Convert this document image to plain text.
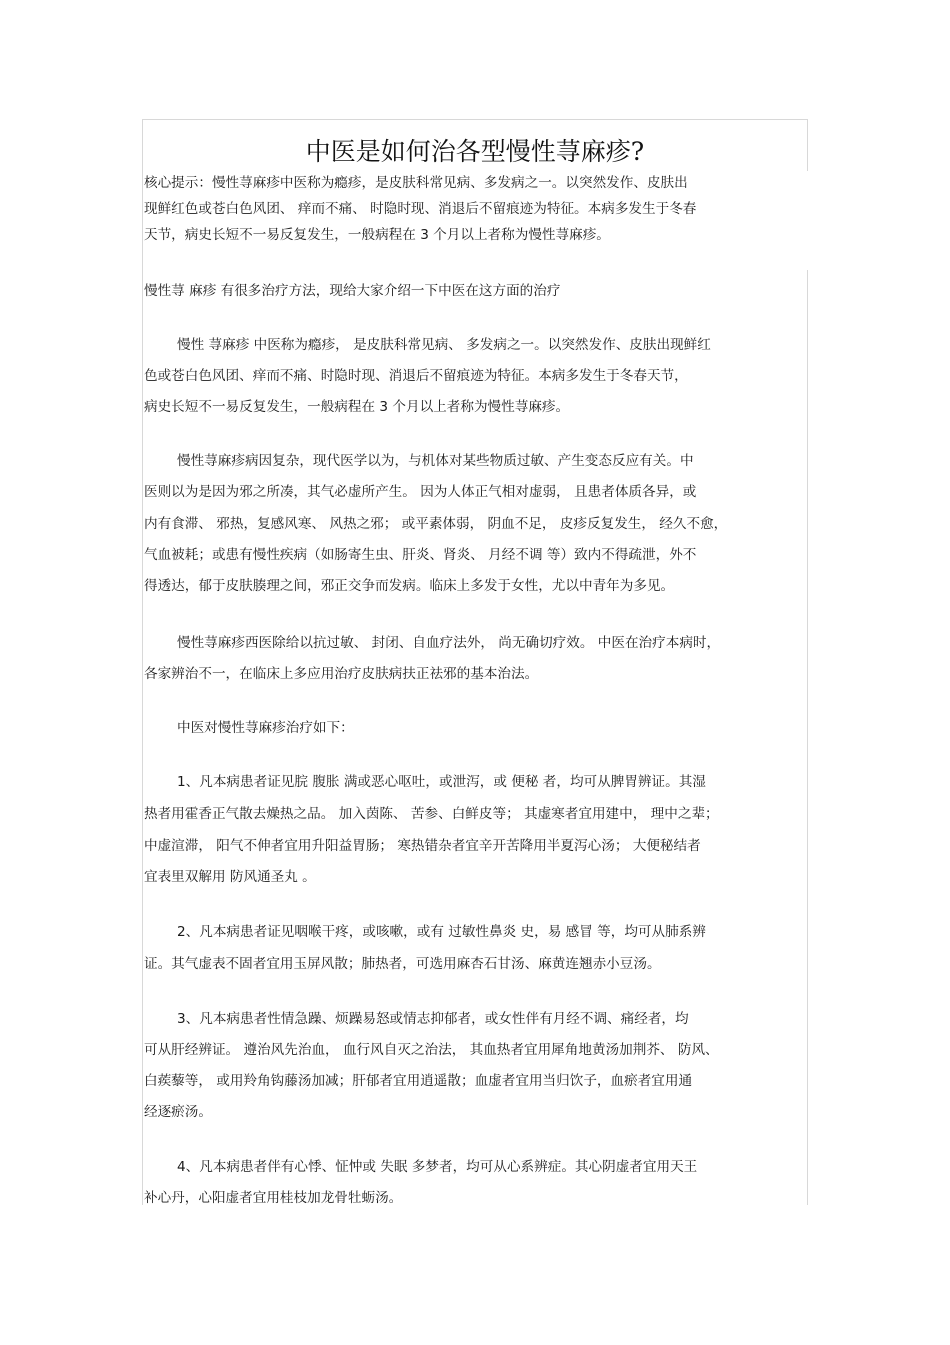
中医是如何治各型慢性荨麻疹?
核心提示：慢性荨麻疹中医称为瘾疹，是皮肤科常见病、多发病之一。以突然发作、皮肤出
现鲜红色或苍白色风团、 痒而不痛、 时隐时现、消退后不留痕迹为特征。本病多发生于冬春
天节，病史长短不一易反复发生，一般病程在 3 个月以上者称为慢性荨麻疹。
慢性荨 麻疹 有很多治疗方法，现给大家介绍一下中医在这方面的治疗
慢性 荨麻疹 中医称为瘾疹， 是皮肤科常见病、 多发病之一。以突然发作、皮肤出现鲜红
色或苍白色风团、痒而不痛、时隐时现、消退后不留痕迹为特征。本病多发生于冬春天节，
病史长短不一易反复发生，一般病程在 3 个月以上者称为慢性荨麻疹。
慢性荨麻疹病因复杂，现代医学以为，与机体对某些物质过敏、产生变态反应有关。中
医则以为是因为邪之所凑，其气必虚所产生。 因为人体正气相对虚弱， 且患者体质各异，或
内有食滞、 邪热，复感风寒、 风热之邪； 或平素体弱， 阴血不足， 皮疹反复发生， 经久不愈，
气血被耗；或患有慢性疾病（如肠寄生虫、肝炎、肾炎、 月经不调 等）致内不得疏泄，外不
得透达，郁于皮肤腠理之间，邪正交争而发病。临床上多发于女性，尤以中青年为多见。
慢性荨麻疹西医除给以抗过敏、 封闭、自血疗法外， 尚无确切疗效。 中医在治疗本病时，
各家辨治不一，在临床上多应用治疗皮肤病扶正祛邪的基本治法。
中医对慢性荨麻疹治疗如下：
1、凡本病患者证见脘 腹胀 满或恶心呕吐，或泄泻，或 便秘 者，均可从脾胃辨证。其湿
热者用霍香正气散去燥热之品。 加入茵陈、 苦参、白鲜皮等； 其虚寒者宜用建中， 理中之辈；
中虚渲滞， 阳气不伸者宜用升阳益胃肠； 寒热错杂者宜辛开苦降用半夏泻心汤； 大便秘结者
宜表里双解用 防风通圣丸 。
2、凡本病患者证见咽喉干疼，或咳嗽，或有 过敏性鼻炎 史，易 感冒 等，均可从肺系辨
证。其气虚表不固者宜用玉屏风散；肺热者，可选用麻杏石甘汤、麻黄连翘赤小豆汤。
3、凡本病患者性情急躁、烦躁易怒或情志抑郁者，或女性伴有月经不调、痛经者，均
可从肝经辨证。 遵治风先治血， 血行风自灭之治法， 其血热者宜用犀角地黄汤加荆芥、 防风、
白蒺藜等， 或用羚角钩藤汤加减；肝郁者宜用逍遥散；血虚者宜用当归饮子，血瘀者宜用通
经逐瘀汤。
4、凡本病患者伴有心悸、怔忡或 失眠 多梦者，均可从心系辨症。其心阴虚者宜用天王
补心丹，心阳虚者宜用桂枝加龙骨牡蛎汤。
